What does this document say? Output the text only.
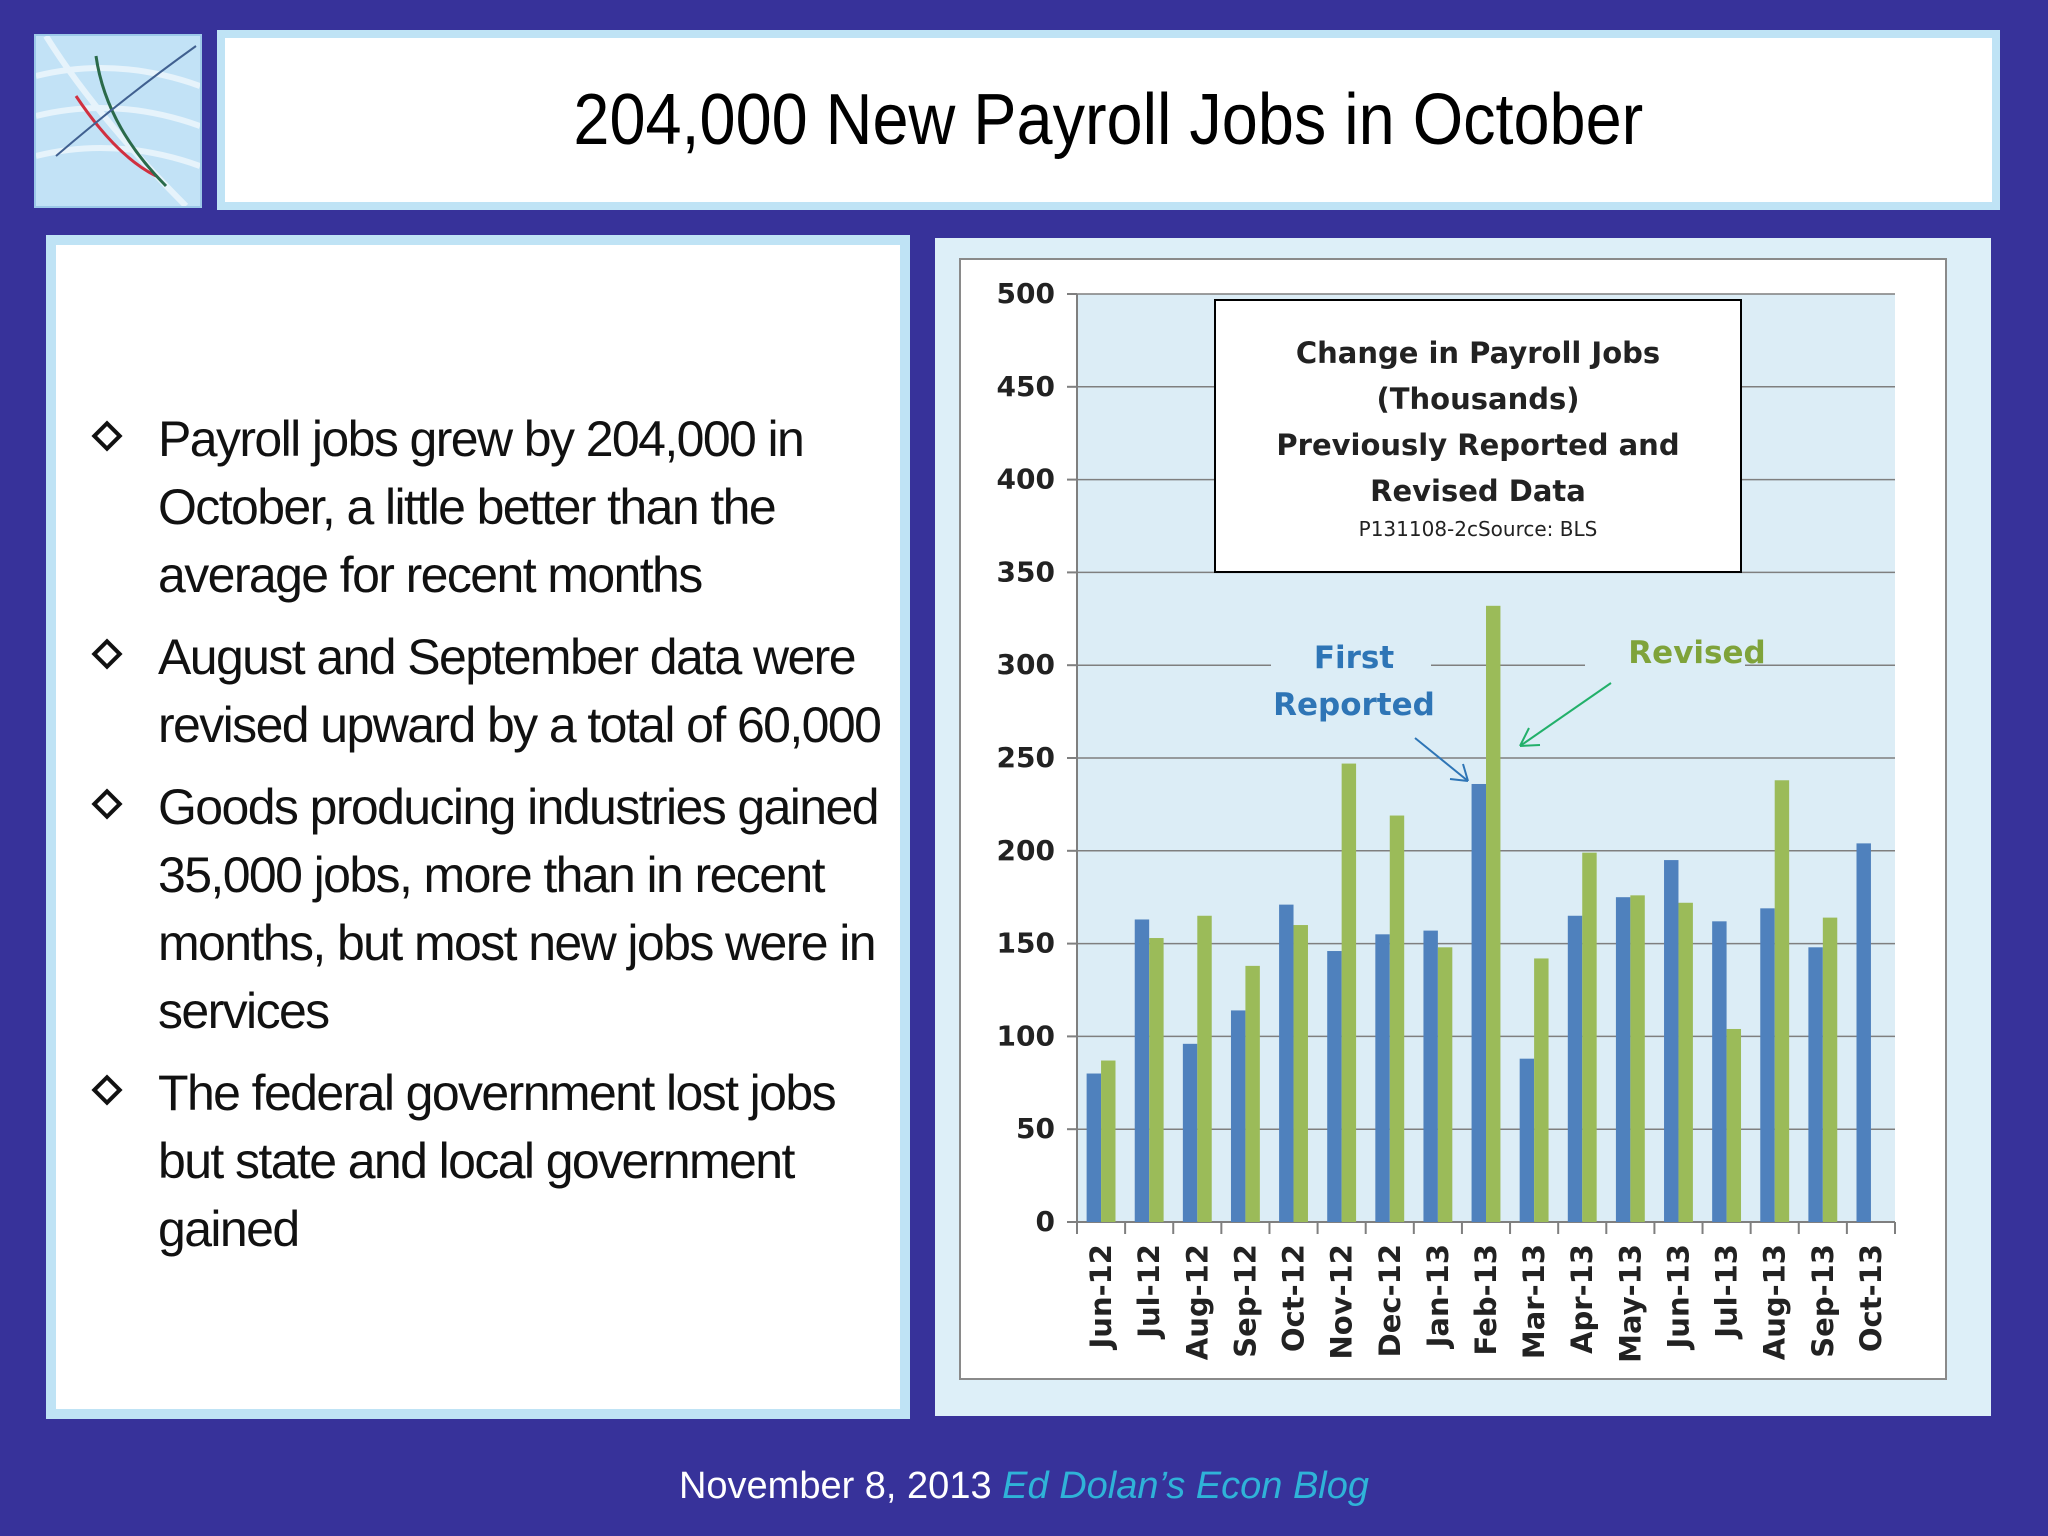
204,000 New Payroll Jobs in October
Payroll jobs grew by 204,000 in October, a little better than the average for recent months
August and September data were revised upward by a total of 60,000
Goods producing industries gained 35,000 jobs, more than in recent months, but most new jobs were in services
The federal government lost jobs but state and local government gained	0
50
100
150
200
250
300
350
400
450
500
Jun-12 Jul-12 Aug-12 Sep-12 Oct-12 Nov-12 Dec-12 Jan-13 Feb-13 Mar-13 Apr-13 May-13 Jun-13 Jul-13 Aug-13 Sep-13 Oct-13
Change in Payroll Jobs
(Thousands)
Previously Reported and
Revised Data
P131108-2cSource: BLS
First
Reported
Revised
November 8, 2013 Ed Dolan’s Econ Blog
